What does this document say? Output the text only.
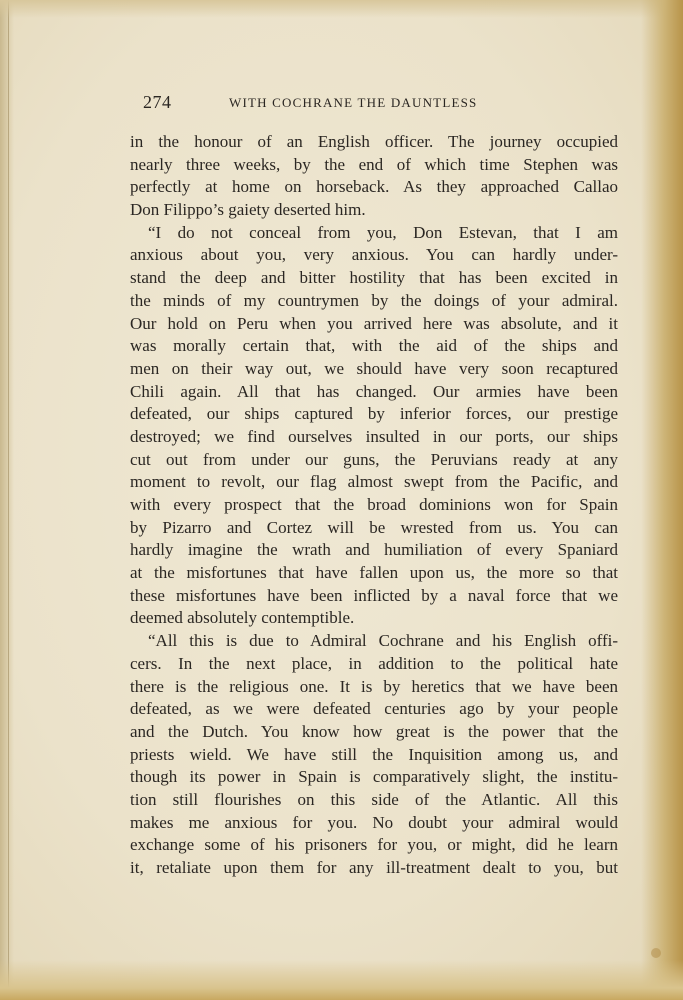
274	WITH COCHRANE THE DAUNTLESS
in the honour of an English officer. The journey occupied
nearly three weeks, by the end of which time Stephen was
perfectly at home on horseback. As they approached Callao
Don Filippo’s gaiety deserted him.
“I do not conceal from you, Don Estevan, that I am
anxious about you, very anxious. You can hardly under-
stand the deep and bitter hostility that has been excited in
the minds of my countrymen by the doings of your admiral.
Our hold on Peru when you arrived here was absolute, and it
was morally certain that, with the aid of the ships and
men on their way out, we should have very soon recaptured
Chili again. All that has changed. Our armies have been
defeated, our ships captured by inferior forces, our prestige
destroyed; we find ourselves insulted in our ports, our ships
cut out from under our guns, the Peruvians ready at any
moment to revolt, our flag almost swept from the Pacific, and
with every prospect that the broad dominions won for Spain
by Pizarro and Cortez will be wrested from us. You can
hardly imagine the wrath and humiliation of every Spaniard
at the misfortunes that have fallen upon us, the more so that
these misfortunes have been inflicted by a naval force that we
deemed absolutely contemptible.
“All this is due to Admiral Cochrane and his English offi-
cers. In the next place, in addition to the political hate
there is the religious one. It is by heretics that we have been
defeated, as we were defeated centuries ago by your people
and the Dutch. You know how great is the power that the
priests wield. We have still the Inquisition among us, and
though its power in Spain is comparatively slight, the institu-
tion still flourishes on this side of the Atlantic. All this
makes me anxious for you. No doubt your admiral would
exchange some of his prisoners for you, or might, did he learn
it, retaliate upon them for any ill-treatment dealt to you, but
